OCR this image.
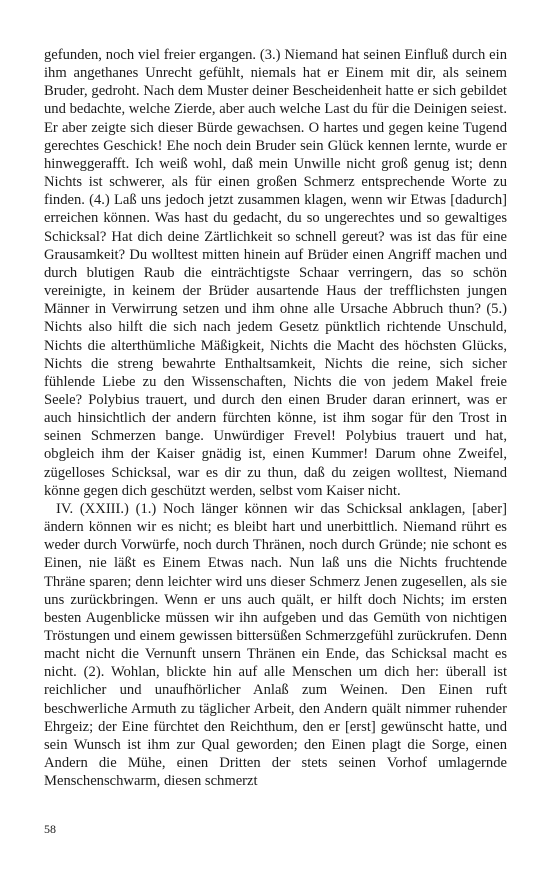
gefunden, noch viel freier ergangen. (3.) Niemand hat seinen Einfluß durch ein ihm angethanes Unrecht gefühlt, niemals hat er Einem mit dir, als seinem Bruder, gedroht. Nach dem Muster deiner Bescheidenheit hatte er sich gebildet und bedachte, welche Zierde, aber auch welche Last du für die Deinigen seiest. Er aber zeigte sich dieser Bürde gewachsen. O hartes und gegen keine Tugend gerechtes Geschick! Ehe noch dein Bruder sein Glück kennen lernte, wurde er hinweggerafft. Ich weiß wohl, daß mein Unwille nicht groß genug ist; denn Nichts ist schwerer, als für einen großen Schmerz entsprechende Worte zu finden. (4.) Laß uns jedoch jetzt zusammen klagen, wenn wir Etwas [dadurch] erreichen können. Was hast du gedacht, du so ungerechtes und so gewaltiges Schicksal? Hat dich deine Zärtlichkeit so schnell gereut? was ist das für eine Grausamkeit? Du wolltest mitten hinein auf Brüder einen Angriff machen und durch blutigen Raub die einträchtigste Schaar verringern, das so schön vereinigte, in keinem der Brüder ausartende Haus der trefflichsten jungen Männer in Verwirrung setzen und ihm ohne alle Ursache Abbruch thun? (5.) Nichts also hilft die sich nach jedem Gesetz pünktlich richtende Unschuld, Nichts die alterthümliche Mäßigkeit, Nichts die Macht des höchsten Glücks, Nichts die streng bewahrte Enthaltsamkeit, Nichts die reine, sich sicher fühlende Liebe zu den Wissenschaften, Nichts die von jedem Makel freie Seele? Polybius trauert, und durch den einen Bruder daran erinnert, was er auch hinsichtlich der andern fürchten könne, ist ihm sogar für den Trost in seinen Schmerzen bange. Unwürdiger Frevel! Polybius trauert und hat, obgleich ihm der Kaiser gnädig ist, einen Kummer! Darum ohne Zweifel, zügelloses Schicksal, war es dir zu thun, daß du zeigen wolltest, Niemand könne gegen dich geschützt werden, selbst vom Kaiser nicht.

IV. (XXIII.) (1.) Noch länger können wir das Schicksal anklagen, [aber] ändern können wir es nicht; es bleibt hart und unerbittlich. Niemand rührt es weder durch Vorwürfe, noch durch Thränen, noch durch Gründe; nie schont es Einen, nie läßt es Einem Etwas nach. Nun laß uns die Nichts fruchtende Thräne sparen; denn leichter wird uns dieser Schmerz Jenen zugesellen, als sie uns zurückbringen. Wenn er uns auch quält, er hilft doch Nichts; im ersten besten Augenblicke müssen wir ihn aufgeben und das Gemüth von nichtigen Tröstungen und einem gewissen bittersüßen Schmerzgefühl zurückrufen. Denn macht nicht die Vernunft unsern Thränen ein Ende, das Schicksal macht es nicht. (2). Wohlan, blickte hin auf alle Menschen um dich her: überall ist reichlicher und unaufhörlicher Anlaß zum Weinen. Den Einen ruft beschwerliche Armuth zu täglicher Arbeit, den Andern quält nimmer ruhender Ehrgeiz; der Eine fürchtet den Reichthum, den er [erst] gewünscht hatte, und sein Wunsch ist ihm zur Qual geworden; den Einen plagt die Sorge, einen Andern die Mühe, einen Dritten der stets seinen Vorhof umlagernde Menschenschwarm, diesen schmerzt

58
